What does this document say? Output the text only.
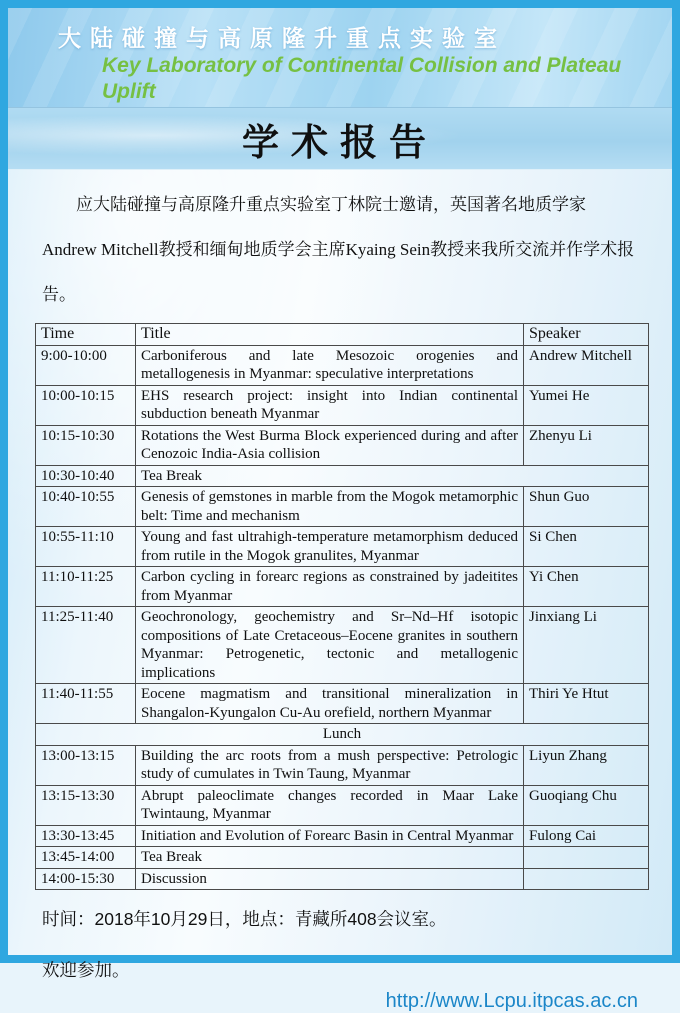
大陆碰撞与高原隆升重点实验室
Key Laboratory of Continental Collision and Plateau Uplift
学术报告

应大陆碰撞与高原隆升重点实验室丁林院士邀请，英国著名地质学家Andrew Mitchell教授和缅甸地质学会主席Kyaing Sein教授来我所交流并作学术报告。

Time	Title	Speaker
9:00-10:00	Carboniferous and late Mesozoic orogenies and metallogenesis in Myanmar: speculative interpretations	Andrew Mitchell
10:00-10:15	EHS research project: insight into Indian continental subduction beneath Myanmar	Yumei He
10:15-10:30	Rotations the West Burma Block experienced during and after Cenozoic India-Asia collision	Zhenyu Li
10:30-10:40	Tea Break	
10:40-10:55	Genesis of gemstones in marble from the Mogok metamorphic belt: Time and mechanism	Shun Guo
10:55-11:10	Young and fast ultrahigh-temperature metamorphism deduced from rutile in the Mogok granulites, Myanmar	Si Chen
11:10-11:25	Carbon cycling in forearc regions as constrained by jadeitites from Myanmar	Yi Chen
11:25-11:40	Geochronology, geochemistry and Sr–Nd–Hf isotopic compositions of Late Cretaceous–Eocene granites in southern Myanmar: Petrogenetic, tectonic and metallogenic implications	Jinxiang Li
11:40-11:55	Eocene magmatism and transitional mineralization in Shangalon-Kyungalon Cu-Au orefield, northern Myanmar	Thiri Ye Htut
Lunch		
13:00-13:15	Building the arc roots from a mush perspective: Petrologic study of cumulates in Twin Taung, Myanmar	Liyun Zhang
13:15-13:30	Abrupt paleoclimate changes recorded in Maar Lake Twintaung, Myanmar	Guoqiang Chu
13:30-13:45	Initiation and Evolution of Forearc Basin in Central Myanmar	Fulong Cai
13:45-14:00	Tea Break	
14:00-15:30	Discussion	

时间：2018年10月29日，地点：青藏所408会议室。

欢迎参加。

http://www.Lcpu.itpcas.ac.cn
